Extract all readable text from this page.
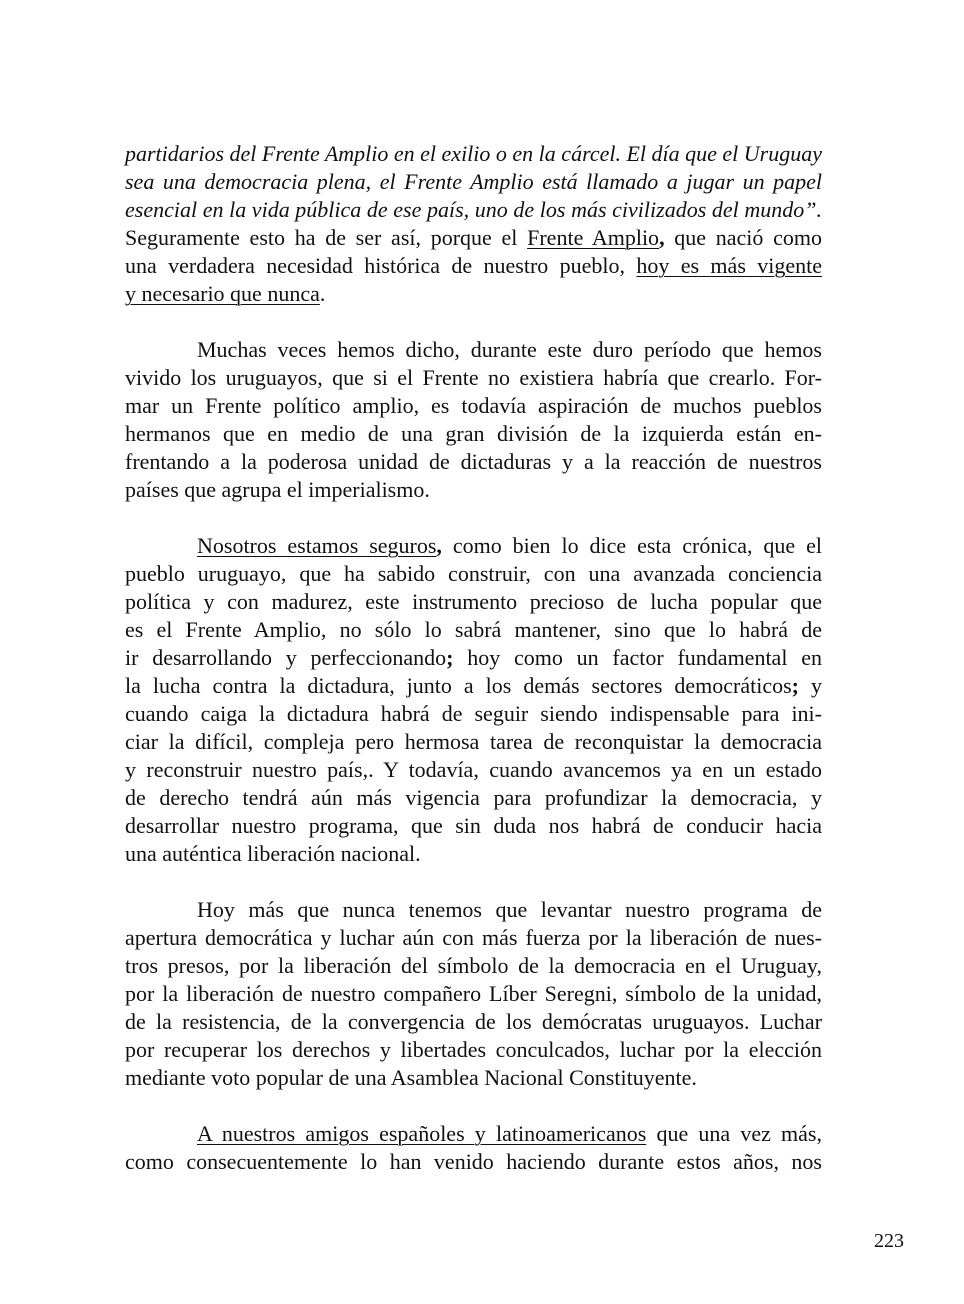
partidarios del Frente Amplio en el exilio o en la cárcel. El día que el Uruguay
sea una democracia plena, el Frente Amplio está llamado a jugar un papel
esencial en la vida pública de ese país, uno de los más civilizados del mundo”.
Seguramente esto ha de ser así, porque el Frente Amplio, que nació como
una verdadera necesidad histórica de nuestro pueblo, hoy es más vigente
y necesario que nunca.
Muchas veces hemos dicho, durante este duro período que hemos
vivido los uruguayos, que si el Frente no existiera habría que crearlo. For-
mar un Frente político amplio, es todavía aspiración de muchos pueblos
hermanos que en medio de una gran división de la izquierda están en-
frentando a la poderosa unidad de dictaduras y a la reacción de nuestros
países que agrupa el imperialismo.
Nosotros estamos seguros, como bien lo dice esta crónica, que el
pueblo uruguayo, que ha sabido construir, con una avanzada conciencia
política y con madurez, este instrumento precioso de lucha popular que
es el Frente Amplio, no sólo lo sabrá mantener, sino que lo habrá de
ir desarrollando y perfeccionando; hoy como un factor fundamental en
la lucha contra la dictadura, junto a los demás sectores democráticos; y
cuando caiga la dictadura habrá de seguir siendo indispensable para ini-
ciar la difícil, compleja pero hermosa tarea de reconquistar la democracia
y reconstruir nuestro país,. Y todavía, cuando avancemos ya en un estado
de derecho tendrá aún más vigencia para profundizar la democracia, y
desarrollar nuestro programa, que sin duda nos habrá de conducir hacia
una auténtica liberación nacional.
Hoy más que nunca tenemos que levantar nuestro programa de
apertura democrática y luchar aún con más fuerza por la liberación de nues-
tros presos, por la liberación del símbolo de la democracia en el Uruguay,
por la liberación de nuestro compañero Líber Seregni, símbolo de la unidad,
de la resistencia, de la convergencia de los demócratas uruguayos. Luchar
por recuperar los derechos y libertades conculcados, luchar por la elección
mediante voto popular de una Asamblea Nacional Constituyente.
A nuestros amigos españoles y latinoamericanos que una vez más,
como consecuentemente lo han venido haciendo durante estos años, nos
223
